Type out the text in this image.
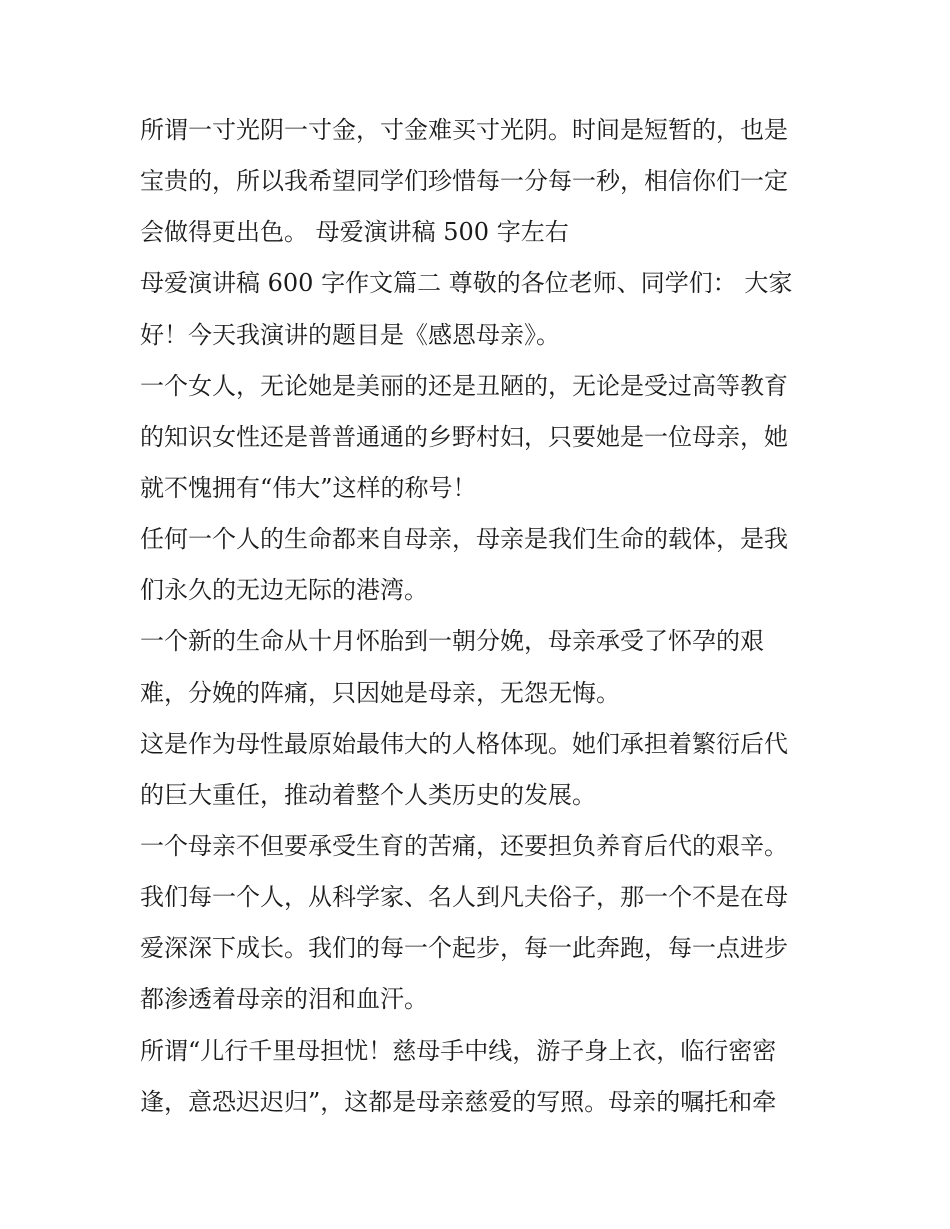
所谓一寸光阴一寸金，寸金难买寸光阴。时间是短暂的，也是
宝贵的，所以我希望同学们珍惜每一分每一秒，相信你们一定
会做得更出色。 母爱演讲稿 500 字左右
母爱演讲稿 600 字作文篇二 尊敬的各位老师、同学们： 大家
好！今天我演讲的题目是《感恩母亲》。
一个女人，无论她是美丽的还是丑陋的，无论是受过高等教育
的知识女性还是普普通通的乡野村妇，只要她是一位母亲，她
就不愧拥有“伟大”这样的称号！
任何一个人的生命都来自母亲，母亲是我们生命的载体，是我
们永久的无边无际的港湾。
一个新的生命从十月怀胎到一朝分娩，母亲承受了怀孕的艰
难，分娩的阵痛，只因她是母亲，无怨无悔。
这是作为母性最原始最伟大的人格体现。她们承担着繁衍后代
的巨大重任，推动着整个人类历史的发展。
一个母亲不但要承受生育的苦痛，还要担负养育后代的艰辛。
我们每一个人，从科学家、名人到凡夫俗子，那一个不是在母
爱深深下成长。我们的每一个起步，每一此奔跑，每一点进步
都渗透着母亲的泪和血汗。
所谓“儿行千里母担忧！慈母手中线，游子身上衣，临行密密
逢，意恐迟迟归”，这都是母亲慈爱的写照。母亲的嘱托和牵
